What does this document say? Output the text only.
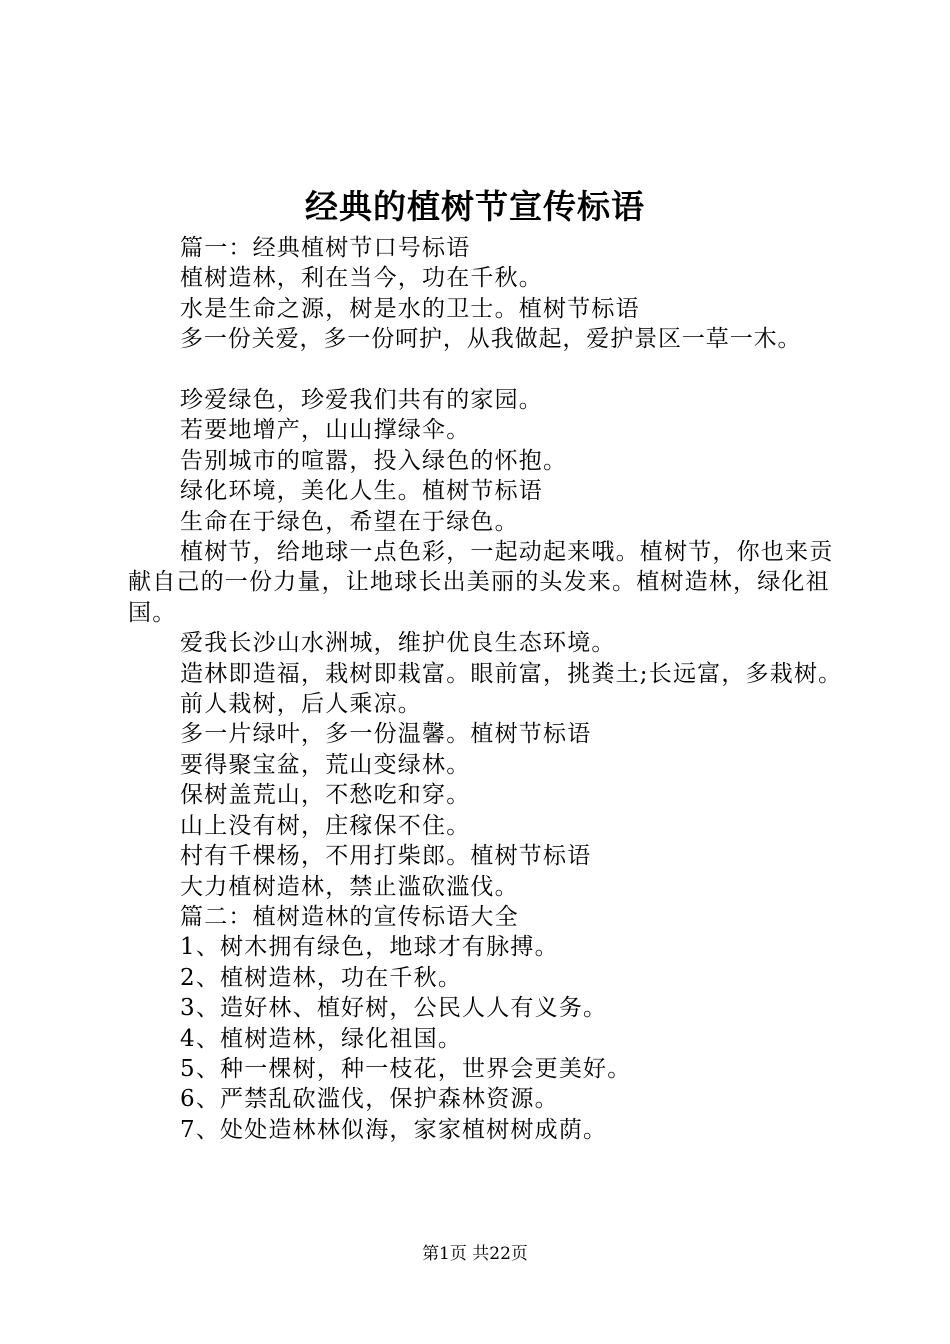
经典的植树节宣传标语

篇一：经典植树节口号标语

植树造林，利在当今，功在千秋。

水是生命之源，树是水的卫士。植树节标语

多一份关爱，多一份呵护，从我做起，爱护景区一草一木。

珍爱绿色，珍爱我们共有的家园。

若要地增产，山山撑绿伞。

告别城市的喧嚣，投入绿色的怀抱。

绿化环境，美化人生。植树节标语

生命在于绿色，希望在于绿色。

植树节，给地球一点色彩，一起动起来哦。植树节，你也来贡献自己的一份力量，让地球长出美丽的头发来。植树造林，绿化祖国。

爱我长沙山水洲城，维护优良生态环境。

造林即造福，栽树即栽富。眼前富，挑粪土;长远富，多栽树。

前人栽树，后人乘凉。

多一片绿叶，多一份温馨。植树节标语

要得聚宝盆，荒山变绿林。

保树盖荒山，不愁吃和穿。

山上没有树，庄稼保不住。

村有千棵杨，不用打柴郎。植树节标语

大力植树造林，禁止滥砍滥伐。

篇二：植树造林的宣传标语大全

1、树木拥有绿色，地球才有脉搏。

2、植树造林，功在千秋。

3、造好林、植好树，公民人人有义务。

4、植树造林，绿化祖国。

5、种一棵树，种一枝花，世界会更美好。

6、严禁乱砍滥伐，保护森林资源。

7、处处造林林似海，家家植树树成荫。

第1页 共22页
